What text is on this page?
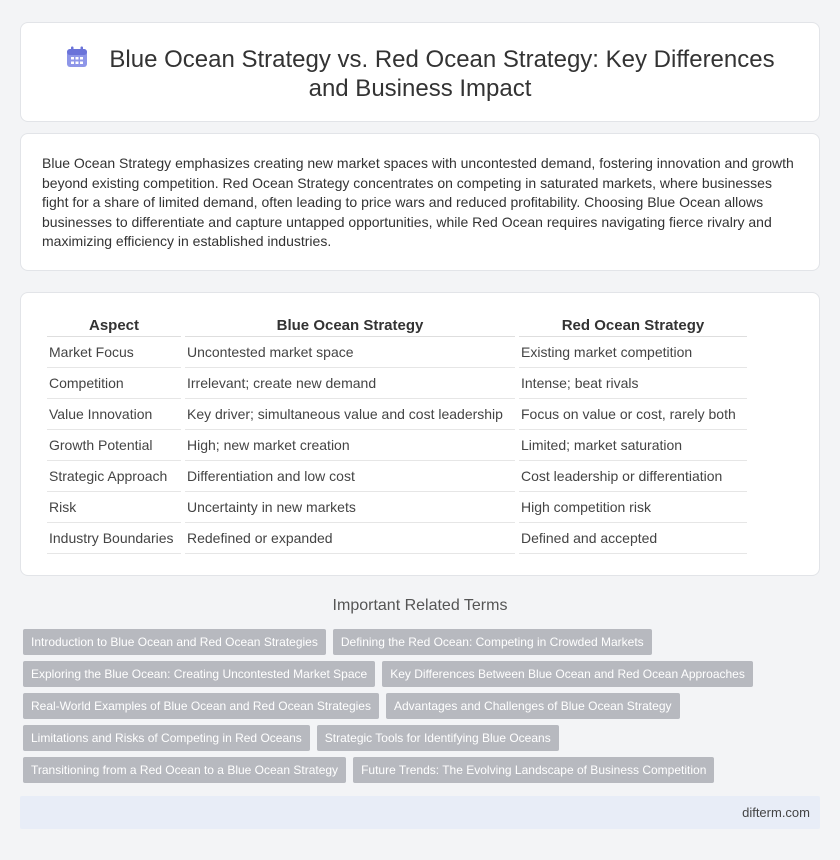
Blue Ocean Strategy vs. Red Ocean Strategy: Key Differences and Business Impact

Blue Ocean Strategy emphasizes creating new market spaces with uncontested demand, fostering innovation and growth beyond existing competition. Red Ocean Strategy concentrates on competing in saturated markets, where businesses fight for a share of limited demand, often leading to price wars and reduced profitability. Choosing Blue Ocean allows businesses to differentiate and capture untapped opportunities, while Red Ocean requires navigating fierce rivalry and maximizing efficiency in established industries.

Aspect	Blue Ocean Strategy	Red Ocean Strategy
Market Focus	Uncontested market space	Existing market competition
Competition	Irrelevant; create new demand	Intense; beat rivals
Value Innovation	Key driver; simultaneous value and cost leadership	Focus on value or cost, rarely both
Growth Potential	High; new market creation	Limited; market saturation
Strategic Approach	Differentiation and low cost	Cost leadership or differentiation
Risk	Uncertainty in new markets	High competition risk
Industry Boundaries	Redefined or expanded	Defined and accepted
Important Related Terms
Introduction to Blue Ocean and Red Ocean Strategies	Defining the Red Ocean: Competing in Crowded Markets
Exploring the Blue Ocean: Creating Uncontested Market Space	Key Differences Between Blue Ocean and Red Ocean Approaches
Real-World Examples of Blue Ocean and Red Ocean Strategies	Advantages and Challenges of Blue Ocean Strategy
Limitations and Risks of Competing in Red Oceans	Strategic Tools for Identifying Blue Oceans
Transitioning from a Red Ocean to a Blue Ocean Strategy	Future Trends: The Evolving Landscape of Business Competition
difterm.com
